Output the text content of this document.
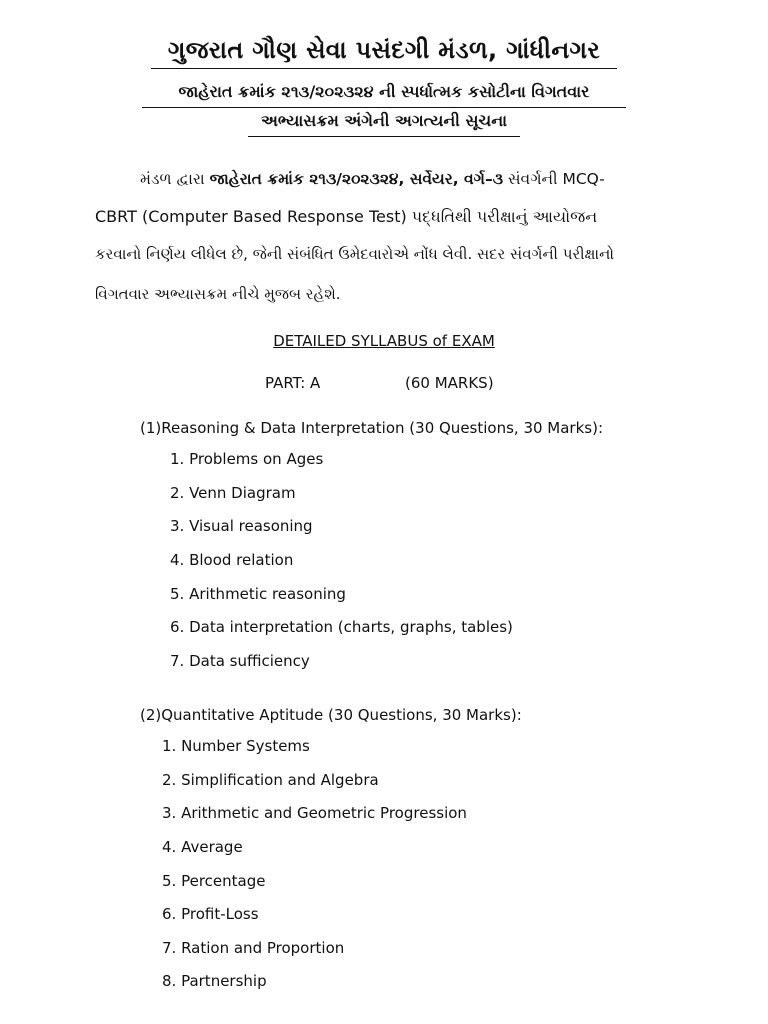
ગુજરાત ગૌણ સેવા પસંદગી મંડળ, ગાંધીનગર
જાહેરાત ક્રમાંક ૨૧૩/૨૦૨૩૨૪ ની સ્પર્ધાત્મક કસોટીના વિગતવાર
અભ્યાસક્રમ અંગેની અગત્યની સૂચના
મંડળ દ્વારા જાહેરાત ક્રમાંક ૨૧૩/૨૦૨૩૨૪, સર્વેયર, વર્ગ–૩ સંવર્ગની MCQ-
CBRT (Computer Based Response Test) પદ્ધતિથી પરીક્ષાનું આયોજન
કરવાનો નિર્ણય લીધેલ છે, જેની સંબંધિત ઉમેદવારોએ નોંધ લેવી. સદર સંવર્ગની પરીક્ષાનો
વિગતવાર અભ્યાસક્રમ નીચે મુજબ રહેશે.
DETAILED SYLLABUS of EXAM
PART: A	(60 MARKS)
(1)Reasoning & Data Interpretation (30 Questions, 30 Marks):
1. Problems on Ages
2. Venn Diagram
3. Visual reasoning
4. Blood relation
5. Arithmetic reasoning
6. Data interpretation (charts, graphs, tables)
7. Data sufficiency
(2)Quantitative Aptitude (30 Questions, 30 Marks):
1. Number Systems
2. Simplification and Algebra
3. Arithmetic and Geometric Progression
4. Average
5. Percentage
6. Profit-Loss
7. Ration and Proportion
8. Partnership
